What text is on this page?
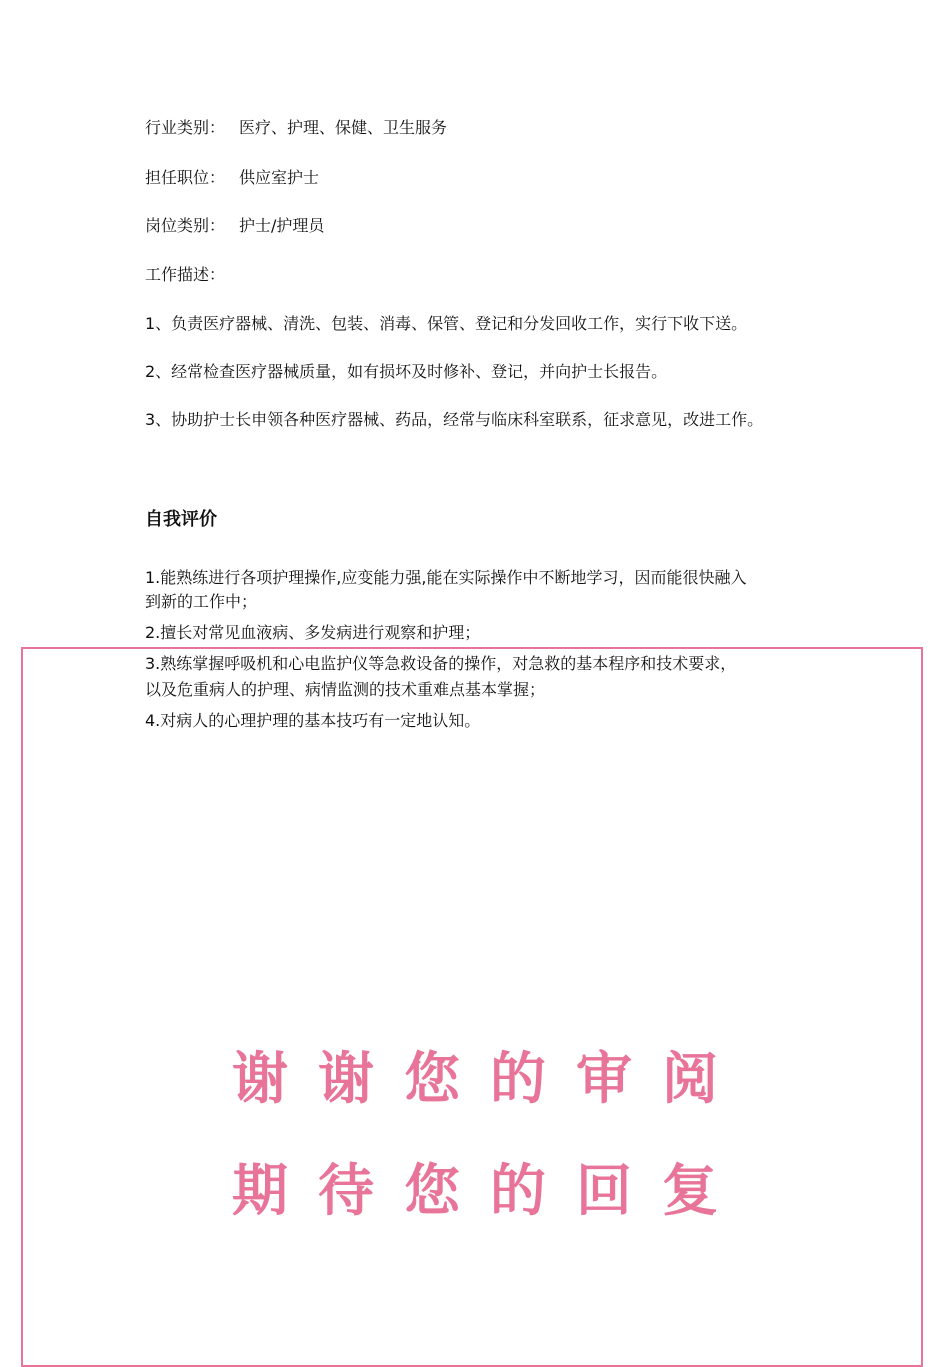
行业类别： 医疗、护理、保健、卫生服务
担任职位： 供应室护士
岗位类别： 护士/护理员
工作描述：
1、负责医疗器械、清洗、包装、消毒、保管、登记和分发回收工作，实行下收下送。
2、经常检查医疗器械质量，如有损坏及时修补、登记，并向护士长报告。
3、协助护士长申领各种医疗器械、药品，经常与临床科室联系，征求意见，改进工作。
自我评价
1.能熟练进行各项护理操作,应变能力强,能在实际操作中不断地学习，因而能很快融入
到新的工作中；
2.擅长对常见血液病、多发病进行观察和护理；
3.熟练掌握呼吸机和心电监护仪等急救设备的操作，对急救的基本程序和技术要求，
以及危重病人的护理、病情监测的技术重难点基本掌握；
4.对病人的心理护理的基本技巧有一定地认知。
谢谢您的审阅
期待您的回复
